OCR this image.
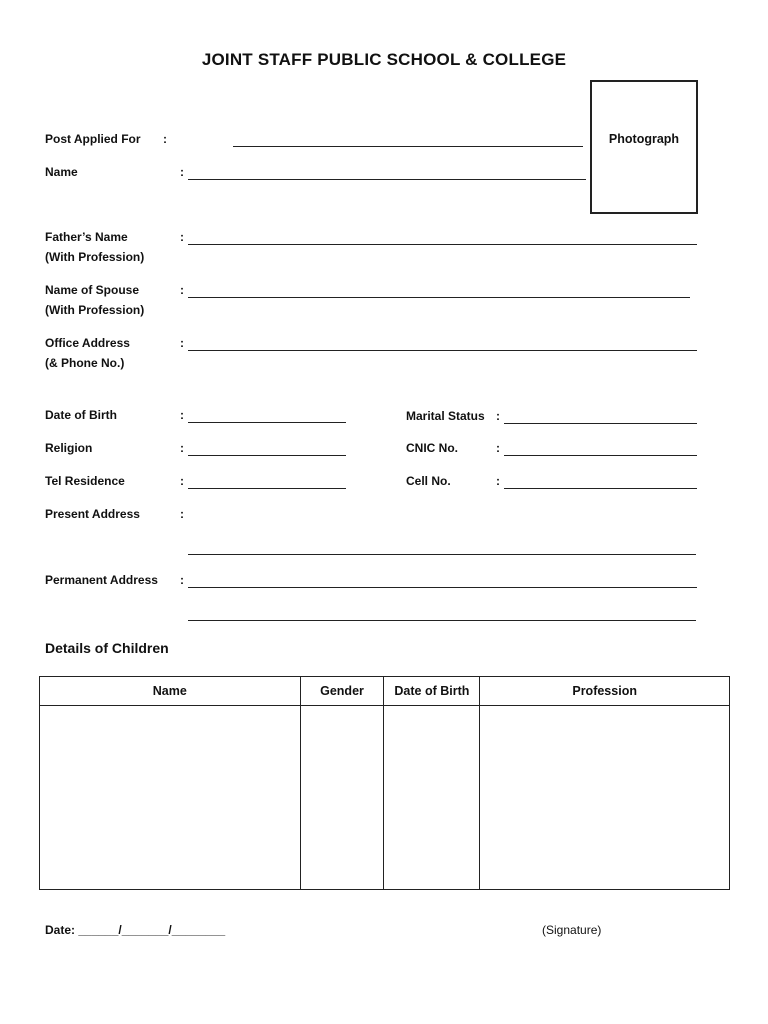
JOINT STAFF PUBLIC SCHOOL & COLLEGE
Photograph
Post Applied For :
Name	:
Father’s Name
(With Profession)
:
Name of Spouse
(With Profession)
:
Office Address
(& Phone No.)
:
Date of Birth	:	Marital Status :
Religion	:	CNIC No.	:
Tel Residence	:	Cell No.	:
Present Address	:
Permanent Address :
Details of Children
Name	Gender	Date of Birth	Profession

Date: ______/_______/________	(Signature)
